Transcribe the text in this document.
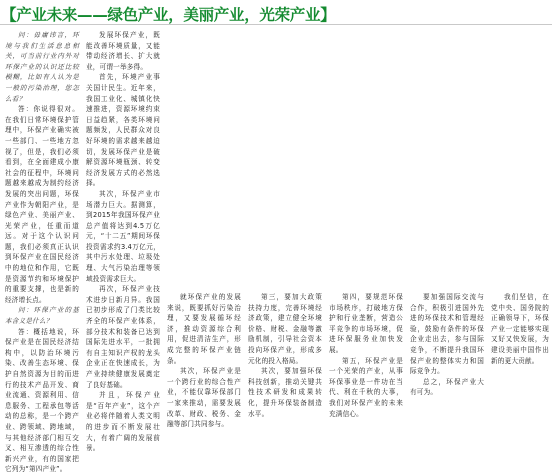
【产业未来——绿色产业，美丽产业，光荣产业】

问：毋庸讳言，环境与我们生活息息相关，可当前行业内外对环保产业的认识还比较模糊，比如有人认为是一般的污染治理，您怎么看？

答：你说得很对。在我们日常环境保护管理中，环保产业确实被一些部门、一些地方忽视了，但是，我们必须看到，在全面建成小康社会的征程中，环境问题越来越成为制约经济发展的突出问题，环保产业作为朝阳产业，是绿色产业、美丽产业、光荣产业，任重而道远。对于这个认识问题，我们必须真正认识到环保产业在国民经济中的地位和作用，它既是资源节约和环境保护的重要支撑，也是新的经济增长点。

问：环保产业的基本含义是什么？

答：概括地说，环保产业是在国民经济结构中，以防治环境污染、改善生态环境、保护自然资源为目的而进行的技术产品开发、商业流通、资源利用、信息服务、工程承包等活动的总称，是一个跨产业、跨领域、跨地域，与其他经济部门相互交叉、相互渗透的综合性新兴产业，有的国家把它列为“第四产业”。

发展环保产业，既能改善环境质量，又能带动经济增长、扩大就业，可谓一举多得。

首先，环境产业事关国计民生。近年来，我国工业化、城镇化快速推进，资源环境约束日益趋紧，各类环境问题频发，人民群众对良好环境的需求越来越迫切，发展环保产业是破解资源环境瓶颈、转变经济发展方式的必然选择。

其次，环保产业市场潜力巨大。据测算，到2015年我国环保产业总产值将达到4.5万亿元，“十二五”期间环保投资需求约3.4万亿元，其中污水处理、垃圾处理、大气污染治理等领域投资需求巨大。

再次，环保产业技术进步日新月异。我国已初步形成了门类比较齐全的环保产业体系，部分技术和装备已达到国际先进水平，一批拥有自主知识产权的龙头企业正在快速成长，为产业持续健康发展奠定了良好基础。

并且，环保产业是“百年产业”，这个产业必将伴随着人类文明的进步而不断发展壮大，有着广阔的发展前景。

就环保产业的发展来说，既要抓好污染治理，又要发展循环经济，推动资源综合利用，促进清洁生产，形成完整的环保产业链条。

其次，环保产业是一个跨行业的综合性产业，不能仅靠环保部门一家来推动，需要发展改革、财政、税务、金融等部门共同参与。

第三，要加大政策扶持力度，完善环境经济政策，建立健全环境价格、财税、金融等激励机制，引导社会资本投向环保产业，形成多元化的投入格局。

其次，要加强环保科技创新，推动关键共性技术研发和成果转化，提升环保装备制造水平。

第四，要规范环保市场秩序，打破地方保护和行业垄断，营造公平竞争的市场环境，促进环保服务业加快发展。

第五，环保产业是一个光荣的产业，从事环保事业是一件功在当代、利在千秋的大事，我们对环保产业的未来充满信心。

要加强国际交流与合作，积极引进国外先进的环保技术和管理经验，鼓励有条件的环保企业走出去，参与国际竞争，不断提升我国环保产业的整体实力和国际竞争力。

总之，环保产业大有可为。

我们坚信，在党中央、国务院的正确领导下，环保产业一定能够实现又好又快发展，为建设美丽中国作出新的更大贡献。
